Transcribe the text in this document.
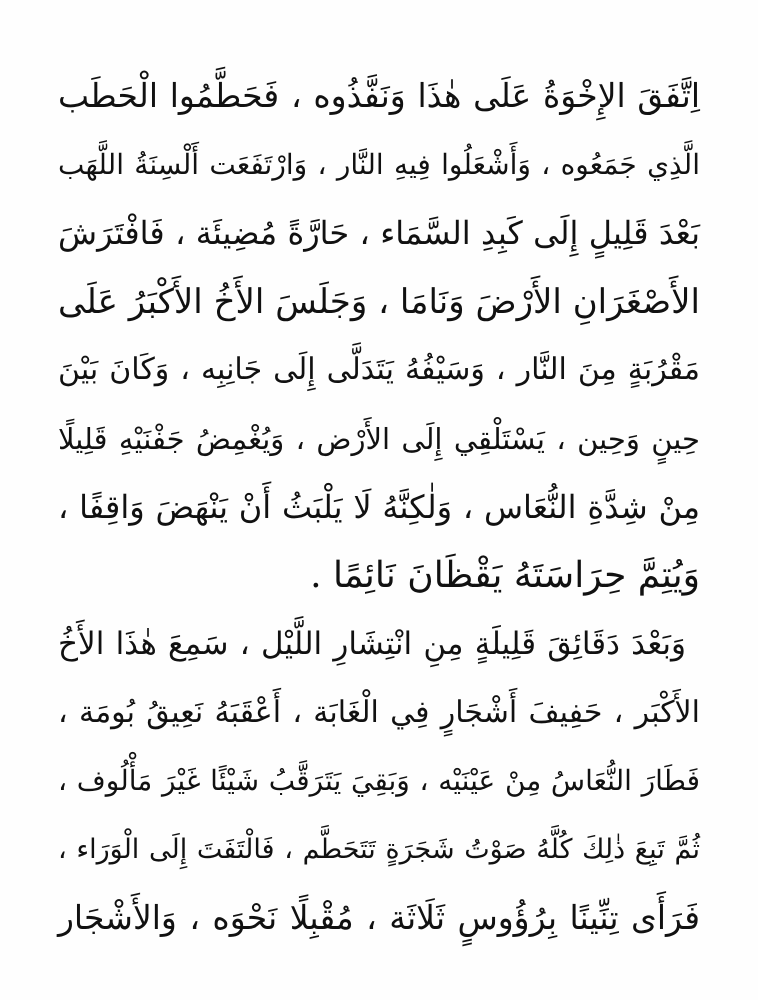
اِتَّفَقَ الإِخْوَةُ عَلَى هٰذَا وَنَفَّذُوه ، فَحَطَّمُوا الْحَطَب
الَّذِي جَمَعُوه ، وَأَشْعَلُوا فِيهِ النَّار ، وَارْتَفَعَت أَلْسِنَةُ اللَّهَب
بَعْدَ قَلِيلٍ إِلَى كَبِدِ السَّمَاء ، حَارَّةً مُضِيئَة ، فَافْتَرَشَ
الأَصْغَرَانِ الأَرْضَ وَنَامَا ، وَجَلَسَ الأَخُ الأَكْبَرُ عَلَى
مَقْرُبَةٍ مِنَ النَّار ، وَسَيْفُهُ يَتَدَلَّى إِلَى جَانِبِه ، وَكَانَ بَيْنَ
حِينٍ وَحِين ، يَسْتَلْقِي إِلَى الأَرْض ، وَيُغْمِضُ جَفْنَيْهِ قَلِيلًا
مِنْ شِدَّةِ النُّعَاس ، وَلٰكِنَّهُ لَا يَلْبَثُ أَنْ يَنْهَضَ وَاقِفًا ،
وَيُتِمَّ حِرَاسَتَهُ يَقْظَانَ نَائِمًا .
وَبَعْدَ دَقَائِقَ قَلِيلَةٍ مِنِ انْتِشَارِ اللَّيْل ، سَمِعَ هٰذَا الأَخُ
الأَكْبَر ، حَفِيفَ أَشْجَارٍ فِي الْغَابَة ، أَعْقَبَهُ نَعِيقُ بُومَة ،
فَطَارَ النُّعَاسُ مِنْ عَيْنَيْه ، وَبَقِيَ يَتَرَقَّبُ شَيْئًا غَيْرَ مَأْلُوف ،
ثُمَّ تَبِعَ ذٰلِكَ كُلَّهُ صَوْتُ شَجَرَةٍ تَتَحَطَّم ، فَالْتَفَتَ إِلَى الْوَرَاء ،
فَرَأَى تِنِّينًا بِرُؤُوسٍ ثَلَاثَة ، مُقْبِلًا نَحْوَه ، وَالأَشْجَار
